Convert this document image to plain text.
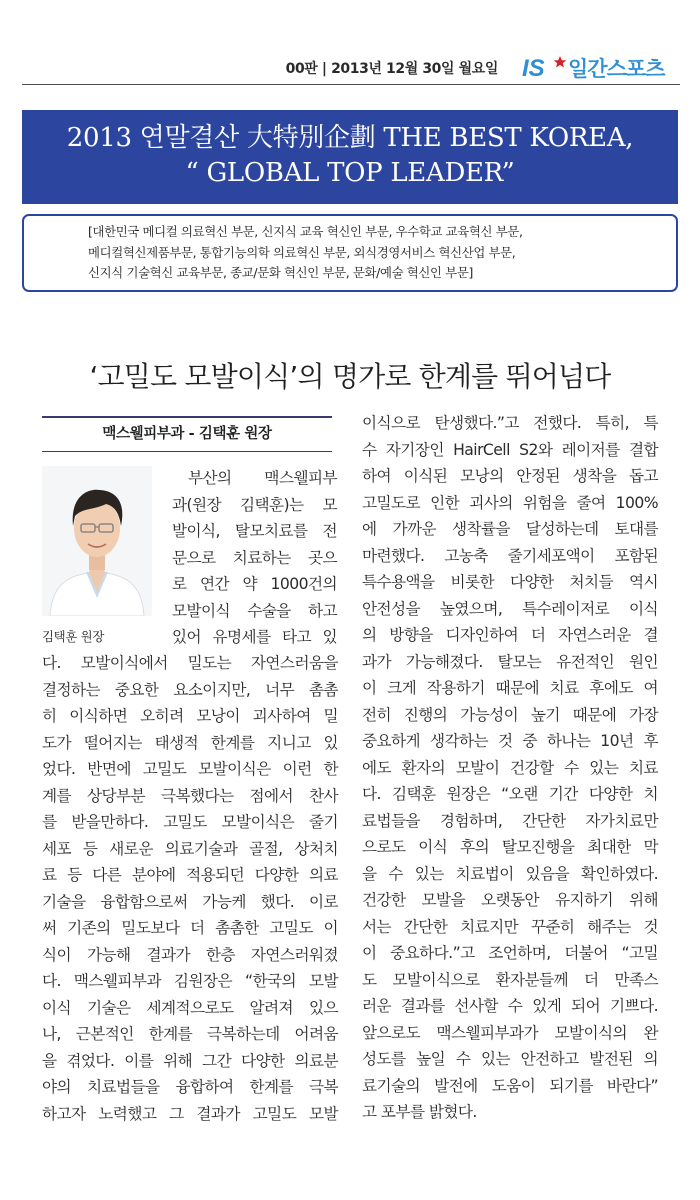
00판 | 2013년 12월 30일 월요일 IS 일간스포츠
2013 연말결산 大特別企劃 THE BEST KOREA,
“ GLOBAL TOP LEADER”
[대한민국 메디컬 의료혁신 부문, 신지식 교육 혁신인 부문, 우수학교 교육혁신 부문,
메디컬혁신제품부문, 통합기능의학 의료혁신 부문, 외식경영서비스 혁신산업 부문,
신지식 기술혁신 교육부문, 종교/문화 혁신인 부문, 문화/예술 혁신인 부문]
‘고밀도 모발이식’의 명가로 한계를 뛰어넘다
맥스웰피부과 - 김택훈 원장
김택훈 원장
부산의 맥스웰피부
과(원장 김택훈)는 모
발이식, 탈모치료를 전
문으로 치료하는 곳으
로 연간 약 1000건의
모발이식 수술을 하고
있어 유명세를 타고 있
다. 모발이식에서 밀도는 자연스러움을
결정하는 중요한 요소이지만, 너무 촘촘
히 이식하면 오히려 모낭이 괴사하여 밀
도가 떨어지는 태생적 한계를 지니고 있
었다. 반면에 고밀도 모발이식은 이런 한
계를 상당부분 극복했다는 점에서 찬사
를 받을만하다. 고밀도 모발이식은 줄기
세포 등 새로운 의료기술과 골절, 상처치
료 등 다른 분야에 적용되던 다양한 의료
기술을 융합함으로써 가능케 했다. 이로
써 기존의 밀도보다 더 촘촘한 고밀도 이
식이 가능해 결과가 한층 자연스러워졌
다. 맥스웰피부과 김원장은 “한국의 모발
이식 기술은 세계적으로도 알려져 있으
나, 근본적인 한계를 극복하는데 어려움
을 겪었다. 이를 위해 그간 다양한 의료분
야의 치료법들을 융합하여 한계를 극복
하고자 노력했고 그 결과가 고밀도 모발
이식으로 탄생했다.”고 전했다. 특히, 특
수 자기장인 HairCell S2와 레이저를 결합
하여 이식된 모낭의 안정된 생착을 돕고
고밀도로 인한 괴사의 위험을 줄여 100%
에 가까운 생착률을 달성하는데 토대를
마련했다. 고농축 줄기세포액이 포함된
특수용액을 비롯한 다양한 처치들 역시
안전성을 높였으며, 특수레이저로 이식
의 방향을 디자인하여 더 자연스러운 결
과가 가능해졌다. 탈모는 유전적인 원인
이 크게 작용하기 때문에 치료 후에도 여
전히 진행의 가능성이 높기 때문에 가장
중요하게 생각하는 것 중 하나는 10년 후
에도 환자의 모발이 건강할 수 있는 치료
다. 김택훈 원장은 “오랜 기간 다양한 치
료법들을 경험하며, 간단한 자가치료만
으로도 이식 후의 탈모진행을 최대한 막
을 수 있는 치료법이 있음을 확인하였다.
건강한 모발을 오랫동안 유지하기 위해
서는 간단한 치료지만 꾸준히 해주는 것
이 중요하다.”고 조언하며, 더불어 “고밀
도 모발이식으로 환자분들께 더 만족스
러운 결과를 선사할 수 있게 되어 기쁘다.
앞으로도 맥스웰피부과가 모발이식의 완
성도를 높일 수 있는 안전하고 발전된 의
료기술의 발전에 도움이 되기를 바란다”
고 포부를 밝혔다.
